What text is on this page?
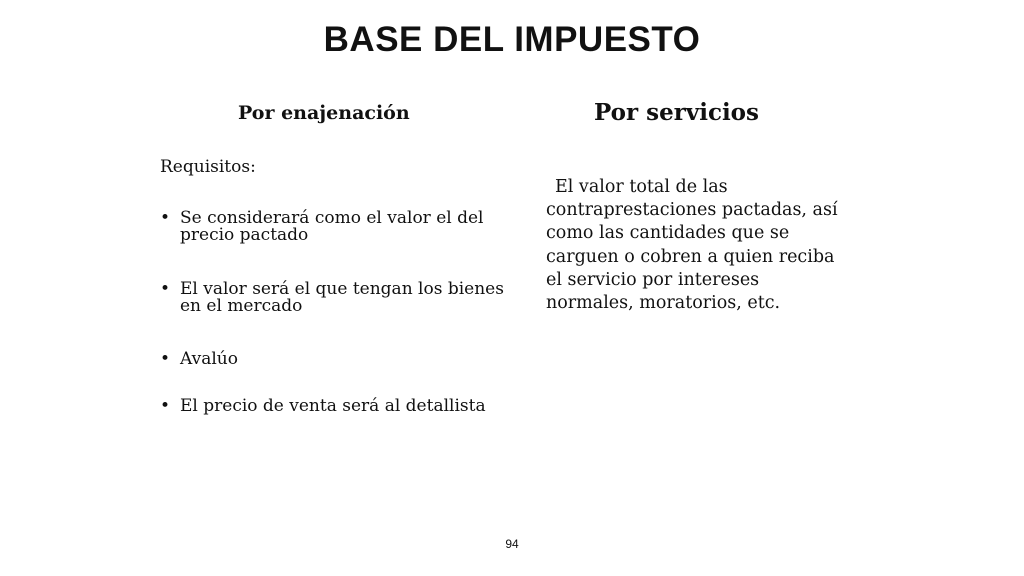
BASE DEL IMPUESTO
Por enajenación	Por servicios

Requisitos:

• Se considerará como el valor el del precio pactado
• El valor será el que tengan los bienes en el mercado
• Avalúo
• El precio de venta será al detallista

El valor total de las contraprestaciones pactadas, así como las cantidades que se carguen o cobren a quien reciba el servicio por intereses normales, moratorios, etc.

94
